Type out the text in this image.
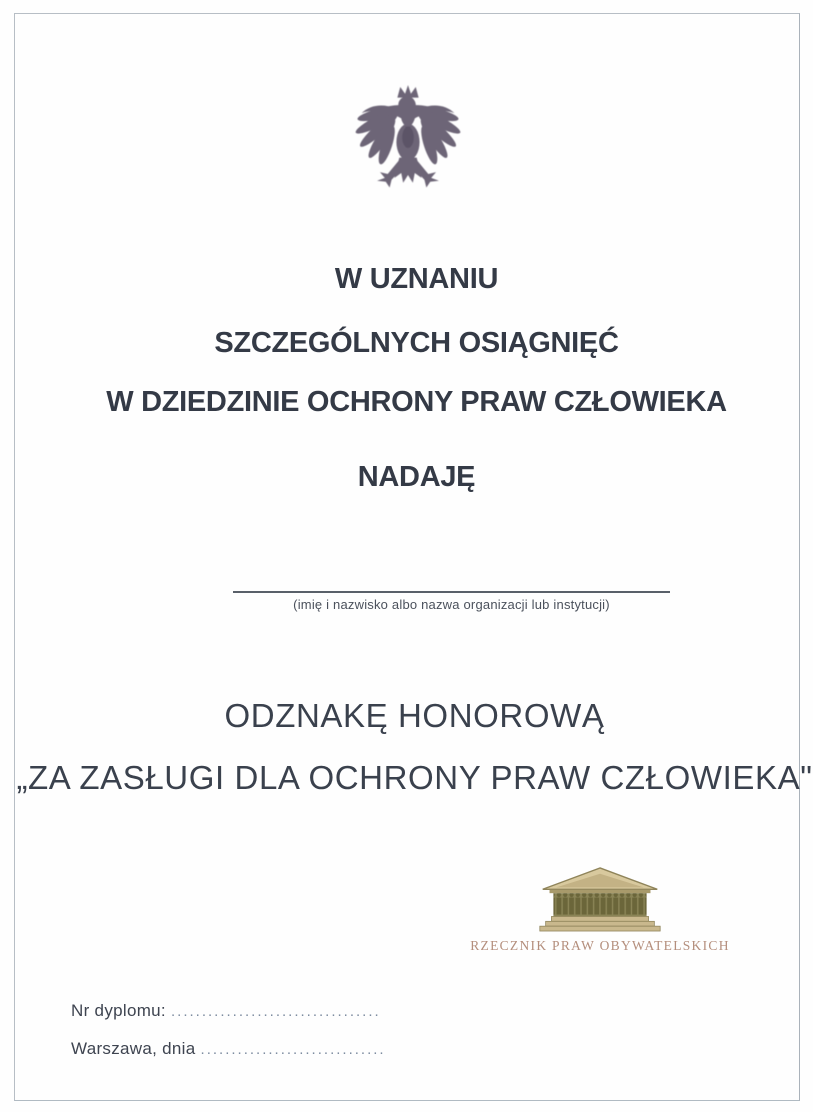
W UZNANIU
SZCZEGÓLNYCH OSIĄGNIĘĆ
W DZIEDZINIE OCHRONY PRAW CZŁOWIEKA
NADAJĘ
(imię i nazwisko albo nazwa organizacji lub instytucji)
ODZNAKĘ HONOROWĄ
„ZA ZASŁUGI DLA OCHRONY PRAW CZŁOWIEKA"
RZECZNIK PRAW OBYWATELSKICH
Nr dyplomu: ..................................
Warszawa, dnia ..............................
